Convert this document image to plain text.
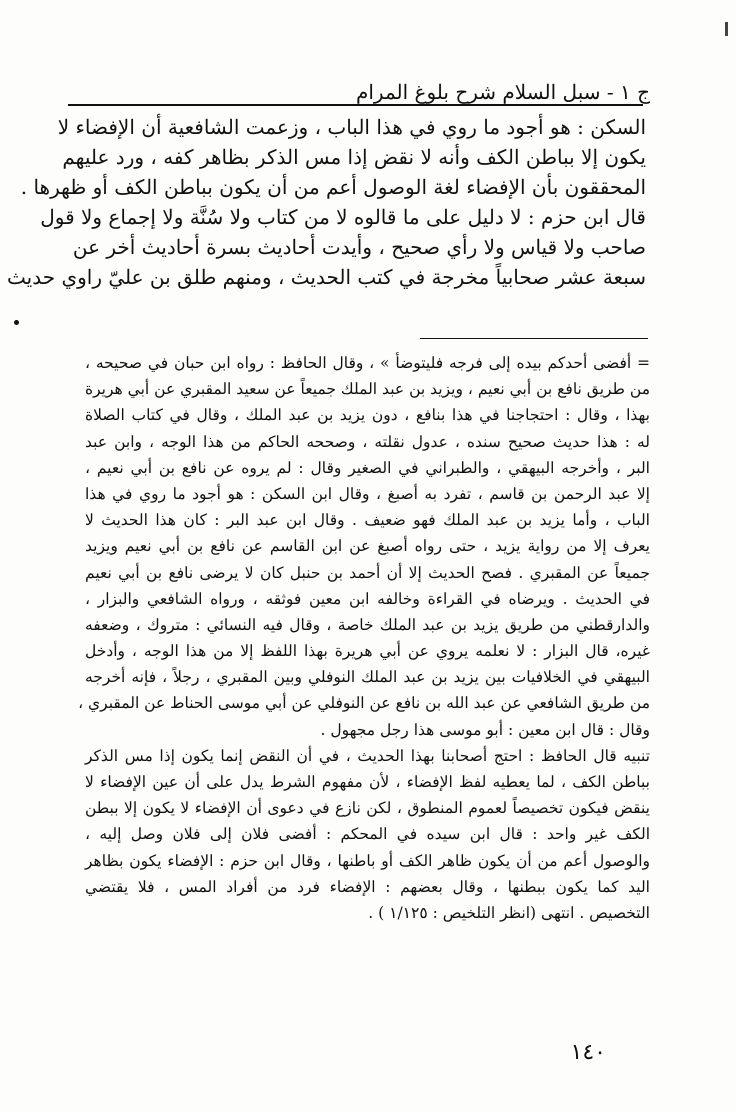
ج ١ - سبل السلام شرح بلوغ المرام
السكن : هو أجود ما روي في هذا الباب ، وزعمت الشافعية أن الإفضاء لا
يكون إلا بباطن الكف وأنه لا نقض إذا مس الذكر بظاهر كفه ، ورد عليهم
المحققون بأن الإفضاء لغة الوصول أعم من أن يكون بباطن الكف أو ظهرها .
قال ابن حزم : لا دليل على ما قالوه لا من كتاب ولا سُنَّة ولا إجماع ولا قول
صاحب ولا قياس ولا رأي صحيح ، وأيدت أحاديث بسرة أحاديث أخر عن
سبعة عشر صحابياً مخرجة في كتب الحديث ، ومنهم طلق بن عليّ راوي حديث
= أفضى أحدكم بيده إلى فرجه فليتوضأ » ، وقال الحافظ : رواه ابن حبان في صحيحه ،
من طريق نافع بن أبي نعيم ، ويزيد بن عبد الملك جميعاً عن سعيد المقبري عن أبي هريرة
بهذا ، وقال : احتجاجنا في هذا بنافع ، دون يزيد بن عبد الملك ، وقال في كتاب الصلاة
له : هذا حديث صحيح سنده ، عدول نقلته ، وصححه الحاكم من هذا الوجه ، وابن عبد
البر ، وأخرجه البيهقي ، والطبراني في الصغير وقال : لم يروه عن نافع بن أبي نعيم ،
إلا عبد الرحمن بن قاسم ، تفرد به أصبغ ، وقال ابن السكن : هو أجود ما روي في هذا
الباب ، وأما يزيد بن عبد الملك فهو ضعيف . وقال ابن عبد البر : كان هذا الحديث لا
يعرف إلا من رواية يزيد ، حتى رواه أصبغ عن ابن القاسم عن نافع بن أبي نعيم ويزيد
جميعاً عن المقبري . فصح الحديث إلا أن أحمد بن حنبل كان لا يرضى نافع بن أبي نعيم
في الحديث . ويرضاه في القراءة وخالفه ابن معين فوثقه ، ورواه الشافعي والبزار ،
والدارقطني من طريق يزيد بن عبد الملك خاصة ، وقال فيه النسائي : متروك ، وضعفه
غيره، قال البزار : لا نعلمه يروي عن أبي هريرة بهذا اللفظ إلا من هذا الوجه ، وأدخل
البيهقي في الخلافيات بين يزيد بن عبد الملك النوفلي وبين المقبري ، رجلاً ، فإنه أخرجه
من طريق الشافعي عن عبد الله بن نافع عن النوفلي عن أبي موسى الحناط عن المقبري ،
وقال : قال ابن معين : أبو موسى هذا رجل مجهول .
تنبيه قال الحافظ : احتج أصحابنا بهذا الحديث ، في أن النقض إنما يكون إذا مس الذكر
بباطن الكف ، لما يعطيه لفظ الإفضاء ، لأن مفهوم الشرط يدل على أن عين الإفضاء لا
ينقض فيكون تخصيصاً لعموم المنطوق ، لكن نازع في دعوى أن الإفضاء لا يكون إلا ببطن
الكف غير واحد : قال ابن سيده في المحكم : أفضى فلان إلى فلان وصل إليه ،
والوصول أعم من أن يكون ظاهر الكف أو باطنها ، وقال ابن حزم : الإفضاء يكون بظاهر
اليد كما يكون ببطنها ، وقال بعضهم : الإفضاء فرد من أفراد المس ، فلا يقتضي
التخصيص . انتهى (انظر التلخيص : ١/١٢٥ ) .
١٤٠
